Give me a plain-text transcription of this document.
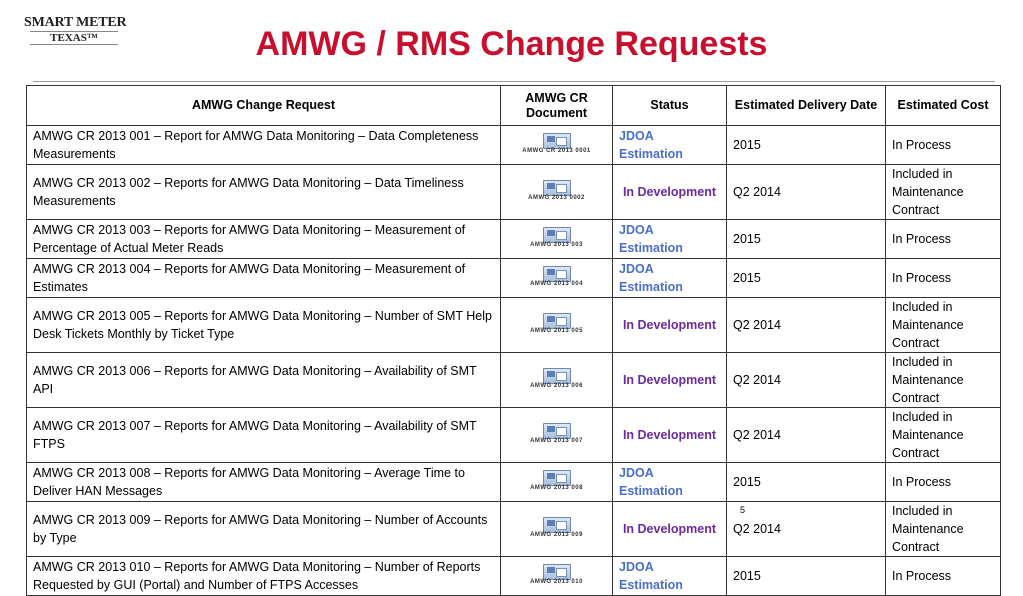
SMART METER
TEXAS™	AMWG / RMS Change Requests
AMWG Change Request	AMWG CR Document	Status	Estimated Delivery Date	Estimated Cost
AMWG CR 2013 001 – Report for AMWG Data Monitoring – Data Completeness Measurements	AMWG CR 2013 0001	JDOA Estimation	2015	In Process
AMWG CR 2013 002 – Reports for AMWG Data Monitoring – Data Timeliness Measurements	AMWG 2013 0002	In Development	Q2 2014	Included in Maintenance Contract
AMWG CR 2013 003 – Reports for AMWG Data Monitoring – Measurement of Percentage of Actual Meter Reads	AMWG 2013 003	JDOA Estimation	2015	In Process
AMWG CR 2013 004 – Reports for AMWG Data Monitoring – Measurement of Estimates	AMWG 2013 004	JDOA Estimation	2015	In Process
AMWG CR 2013 005 – Reports for AMWG Data Monitoring – Number of SMT Help Desk Tickets Monthly by Ticket Type	AMWG 2013 005	In Development	Q2 2014	Included in Maintenance Contract
AMWG CR 2013 006 – Reports for AMWG Data Monitoring – Availability of SMT API	AMWG 2013 006	In Development	Q2 2014	Included in Maintenance Contract
AMWG CR 2013 007 – Reports for AMWG Data Monitoring – Availability of SMT FTPS	AMWG 2013 007	In Development	Q2 2014	Included in Maintenance Contract
AMWG CR 2013 008 – Reports for AMWG Data Monitoring – Average Time to Deliver HAN Messages	AMWG 2013 008	JDOA Estimation	2015	In Process
AMWG CR 2013 009 – Reports for AMWG Data Monitoring – Number of Accounts by Type	AMWG 2013 009	In Development	Q2 2014	Included in Maintenance Contract
AMWG CR 2013 010 – Reports for AMWG Data Monitoring – Number of Reports Requested by GUI (Portal) and Number of FTPS Accesses	AMWG 2013 010	JDOA Estimation	2015	In Process
5
